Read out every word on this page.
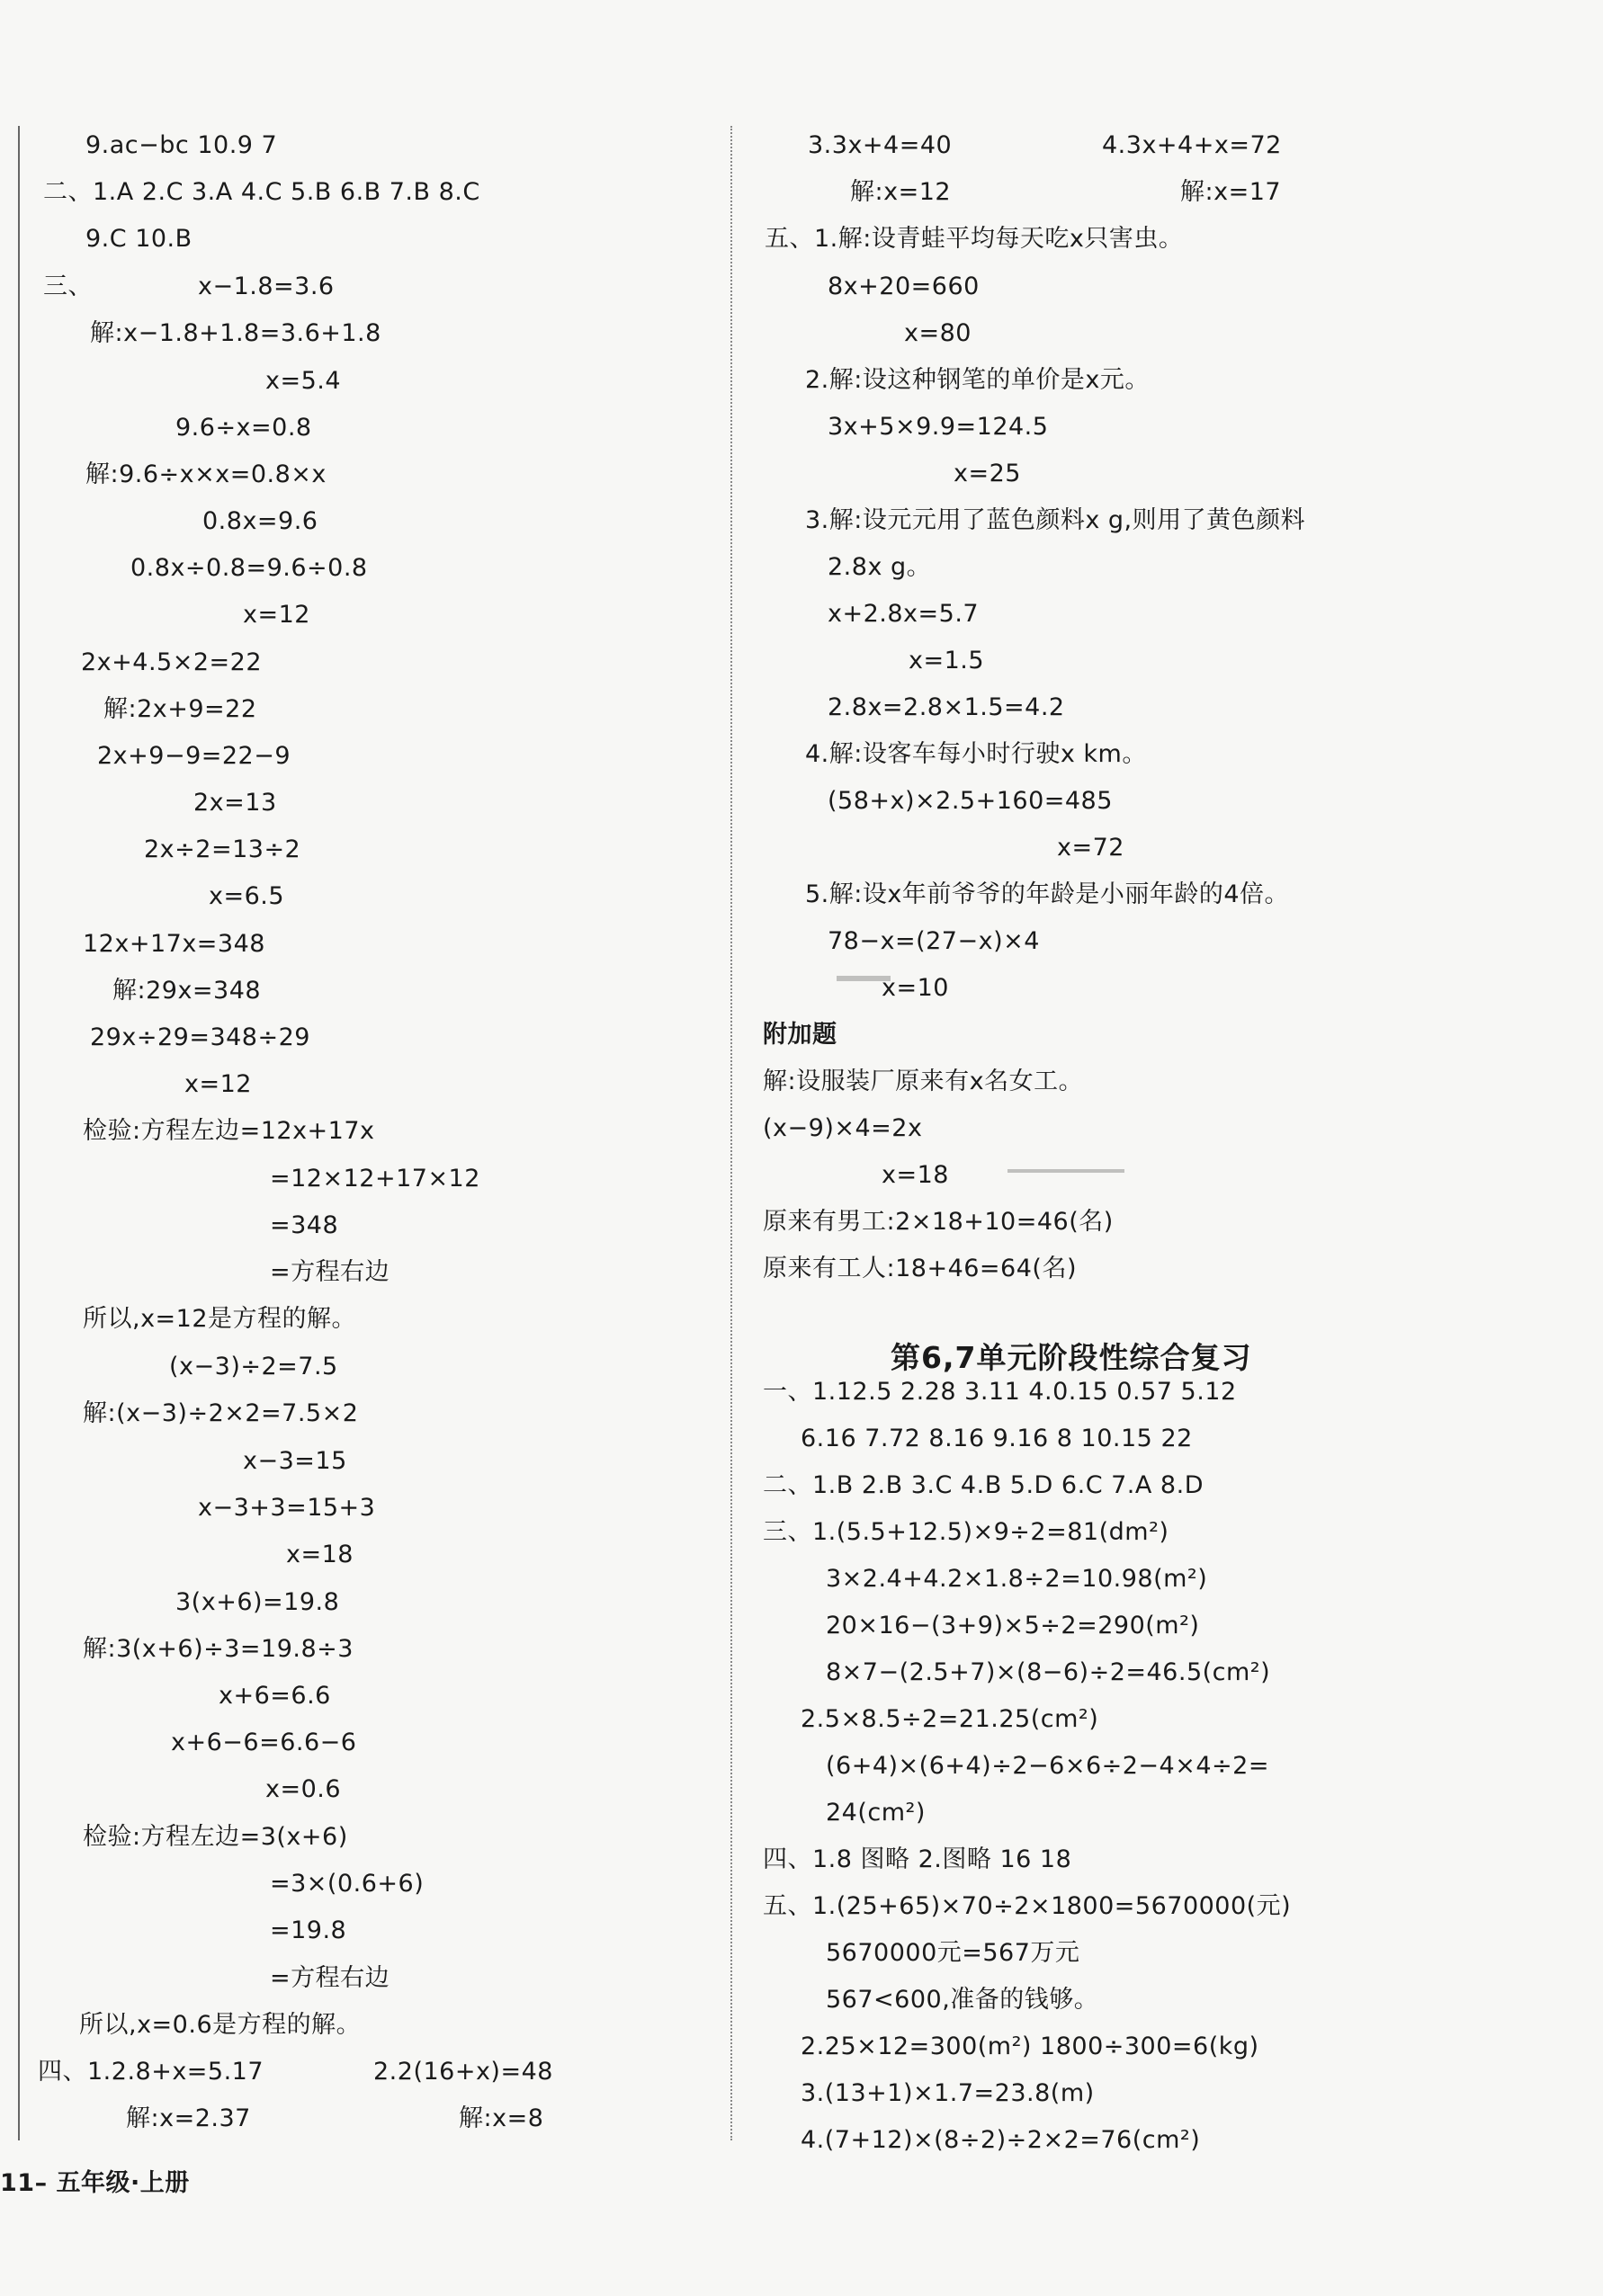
9.ac−bc 10.9 7
二、1.A 2.C 3.A 4.C 5.B 6.B 7.B 8.C
9.C 10.B
三、	x−1.8=3.6
解:x−1.8+1.8=3.6+1.8
x=5.4
9.6÷x=0.8
解:9.6÷x×x=0.8×x
0.8x=9.6
0.8x÷0.8=9.6÷0.8
x=12
2x+4.5×2=22
解:2x+9=22
2x+9−9=22−9
2x=13
2x÷2=13÷2
x=6.5
12x+17x=348
解:29x=348
29x÷29=348÷29
x=12
检验:方程左边=12x+17x
=12×12+17×12
=348
=方程右边
所以,x=12是方程的解。
(x−3)÷2=7.5
解:(x−3)÷2×2=7.5×2
x−3=15
x−3+3=15+3
x=18
3(x+6)=19.8
解:3(x+6)÷3=19.8÷3
x+6=6.6
x+6−6=6.6−6
x=0.6
检验:方程左边=3(x+6)
=3×(0.6+6)
=19.8
=方程右边
所以,x=0.6是方程的解。
四、1.2.8+x=5.17	2.2(16+x)=48
解:x=2.37	解:x=8
3.3x+4=40	4.3x+4+x=72
解:x=12	解:x=17
五、1.解:设青蛙平均每天吃x只害虫。
8x+20=660
x=80
2.解:设这种钢笔的单价是x元。
3x+5×9.9=124.5
x=25
3.解:设元元用了蓝色颜料x g,则用了黄色颜料
2.8x g。
x+2.8x=5.7
x=1.5
2.8x=2.8×1.5=4.2
4.解:设客车每小时行驶x km。
(58+x)×2.5+160=485
x=72
5.解:设x年前爷爷的年龄是小丽年龄的4倍。
78−x=(27−x)×4
x=10
附加题
解:设服装厂原来有x名女工。
(x−9)×4=2x
x=18
原来有男工:2×18+10=46(名)
原来有工人:18+46=64(名)
一、1.12.5 2.28 3.11 4.0.15 0.57 5.12
6.16 7.72 8.16 9.16 8 10.15 22
二、1.B 2.B 3.C 4.B 5.D 6.C 7.A 8.D
三、1.(5.5+12.5)×9÷2=81(dm²)
3×2.4+4.2×1.8÷2=10.98(m²)
20×16−(3+9)×5÷2=290(m²)
8×7−(2.5+7)×(8−6)÷2=46.5(cm²)
2.5×8.5÷2=21.25(cm²)
(6+4)×(6+4)÷2−6×6÷2−4×4÷2=
24(cm²)
四、1.8 图略 2.图略 16 18
五、1.(25+65)×70÷2×1800=5670000(元)
5670000元=567万元
567<600,准备的钱够。
2.25×12=300(m²) 1800÷300=6(kg)
3.(13+1)×1.7=23.8(m)
4.(7+12)×(8÷2)÷2×2=76(cm²)
第6,7单元阶段性综合复习
11– 五年级·上册
